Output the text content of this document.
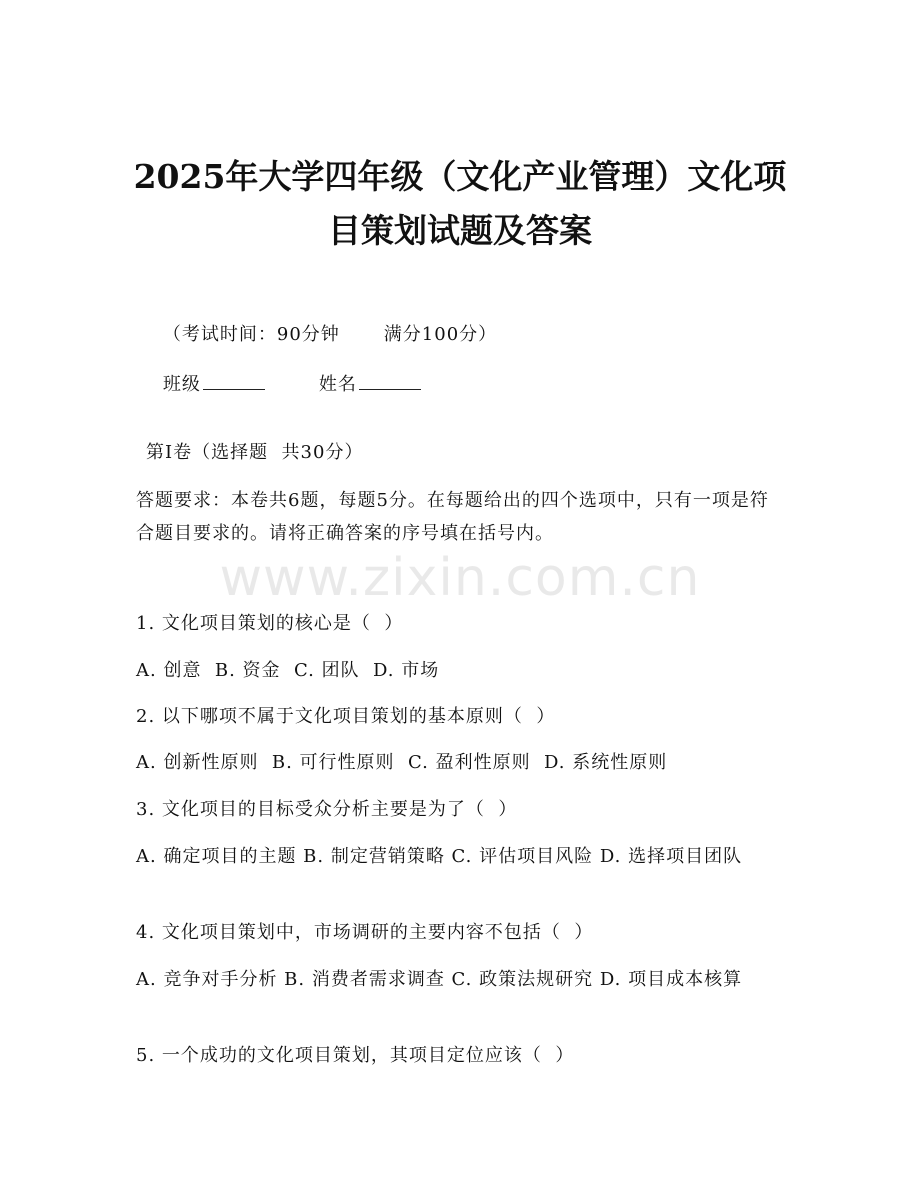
2025年大学四年级（文化产业管理）文化项
目策划试题及答案

（考试时间：90分钟 满分100分）

班级	姓名

第I卷（选择题  共30分）
答题要求：本卷共6题，每题5分。在每题给出的四个选项中，只有一项是符合题目要求的。请将正确答案的序号填在括号内。
www.zixin.com.cn
1. 文化项目策划的核心是（  ）
A. 创意  B. 资金  C. 团队  D. 市场
2. 以下哪项不属于文化项目策划的基本原则（  ）
A. 创新性原则  B. 可行性原则  C. 盈利性原则  D. 系统性原则
3. 文化项目的目标受众分析主要是为了（  ）
A. 确定项目的主题 B. 制定营销策略 C. 评估项目风险 D. 选择项目团队
4. 文化项目策划中，市场调研的主要内容不包括（  ）
A. 竞争对手分析 B. 消费者需求调查 C. 政策法规研究 D. 项目成本核算
5. 一个成功的文化项目策划，其项目定位应该（  ）
